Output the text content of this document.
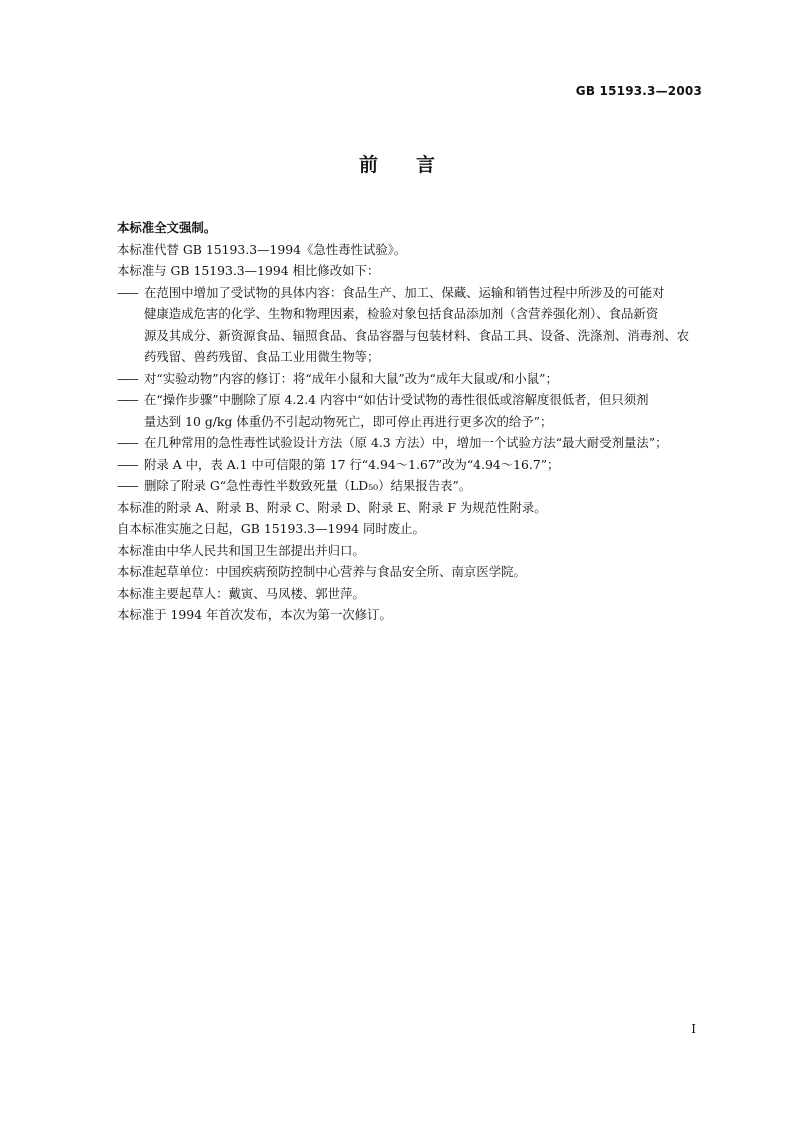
GB 15193.3—2003
前言

本标准全文强制。

本标准代替 GB 15193.3—1994《急性毒性试验》。

本标准与 GB 15193.3—1994 相比修改如下：

—— 在范围中增加了受试物的具体内容：食品生产、加工、保藏、运输和销售过程中所涉及的可能对
健康造成危害的化学、生物和物理因素，检验对象包括食品添加剂（含营养强化剂）、食品新资
源及其成分、新资源食品、辐照食品、食品容器与包装材料、食品工具、设备、洗涤剂、消毒剂、农
药残留、兽药残留、食品工业用微生物等；
—— 对“实验动物”内容的修订：将“成年小鼠和大鼠”改为“成年大鼠或/和小鼠”；
—— 在“操作步骤”中删除了原 4.2.4 内容中“如估计受试物的毒性很低或溶解度很低者，但只须剂
量达到 10 g/kg 体重仍不引起动物死亡，即可停止再进行更多次的给予”；
—— 在几种常用的急性毒性试验设计方法（原 4.3 方法）中，增加一个试验方法“最大耐受剂量法”；
—— 附录 A 中，表 A.1 中可信限的第 17 行“4.94～1.67”改为“4.94～16.7”；
—— 删除了附录 G“急性毒性半数致死量（LD₅₀）结果报告表”。

本标准的附录 A、附录 B、附录 C、附录 D、附录 E、附录 F 为规范性附录。

自本标准实施之日起，GB 15193.3—1994 同时废止。

本标准由中华人民共和国卫生部提出并归口。

本标准起草单位：中国疾病预防控制中心营养与食品安全所、南京医学院。

本标准主要起草人：戴寅、马凤楼、郭世萍。

本标准于 1994 年首次发布，本次为第一次修订。

I
